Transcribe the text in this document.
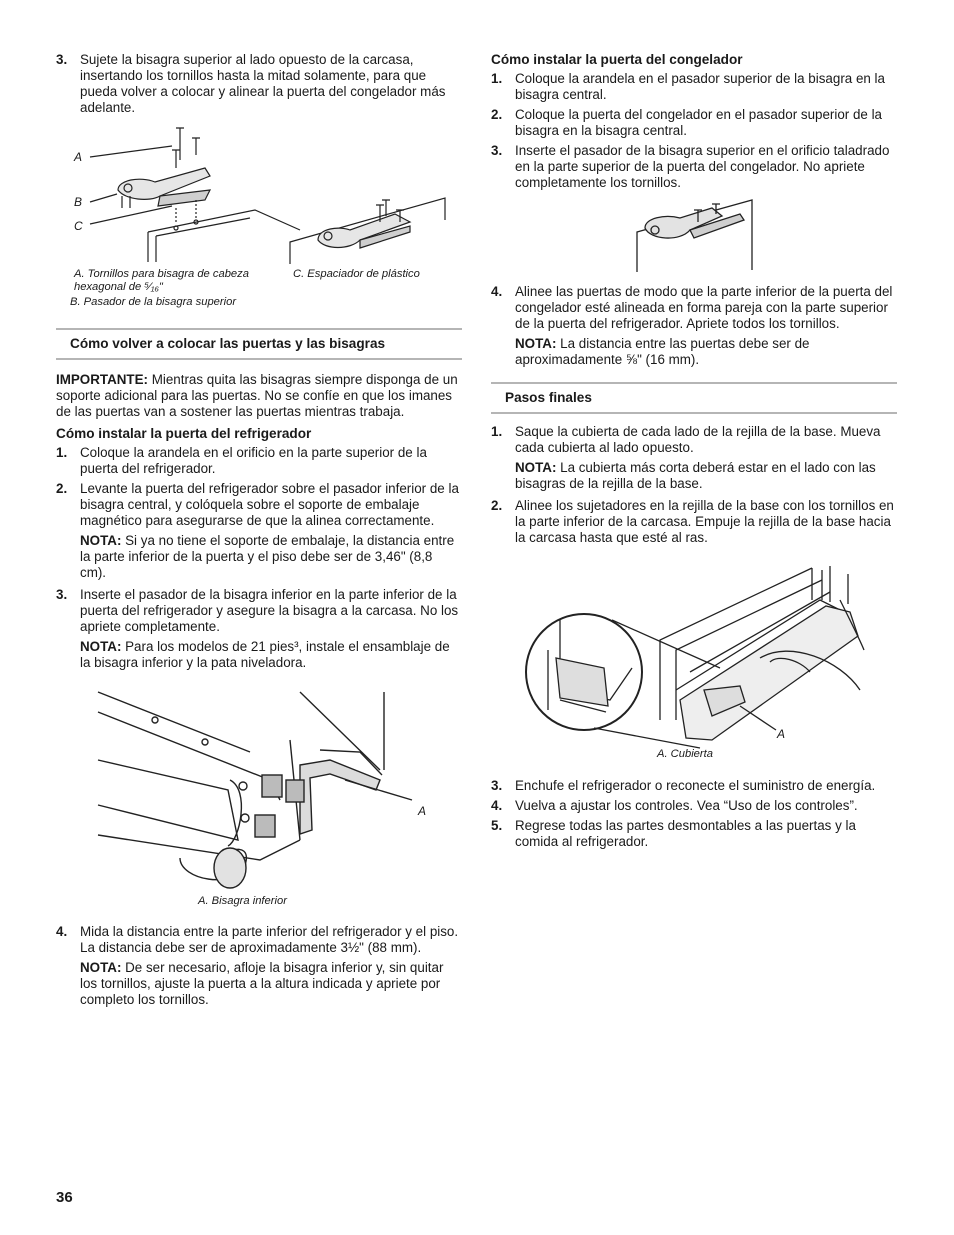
3. Sujete la bisagra superior al lado opuesto de la carcasa, insertando los tornillos hasta la mitad solamente, para que pueda volver a colocar y alinear la puerta del congelador más adelante.
A
B
C
A. Tornillos para bisagra de cabeza hexagonal de ⁵⁄₁₆"
B. Pasador de la bisagra superior
C. Espaciador de plástico
Cómo volver a colocar las puertas y las bisagras
IMPORTANTE: Mientras quita las bisagras siempre disponga de un soporte adicional para las puertas. No se confíe en que los imanes de las puertas van a sostener las puertas mientras trabaja.
Cómo instalar la puerta del refrigerador
1. Coloque la arandela en el orificio en la parte superior de la puerta del refrigerador.
2. Levante la puerta del refrigerador sobre el pasador inferior de la bisagra central, y colóquela sobre el soporte de embalaje magnético para asegurarse de que la alinea correctamente.
NOTA: Si ya no tiene el soporte de embalaje, la distancia entre la parte inferior de la puerta y el piso debe ser de 3,46" (8,8 cm).
3. Inserte el pasador de la bisagra inferior en la parte inferior de la puerta del refrigerador y asegure la bisagra a la carcasa. No los apriete completamente.
NOTA: Para los modelos de 21 pies³, instale el ensamblaje de la bisagra inferior y la pata niveladora.
A
A. Bisagra inferior
4. Mida la distancia entre la parte inferior del refrigerador y el piso. La distancia debe ser de aproximadamente 3½" (88 mm).
NOTA: De ser necesario, afloje la bisagra inferior y, sin quitar los tornillos, ajuste la puerta a la altura indicada y apriete por completo los tornillos.
Cómo instalar la puerta del congelador
1. Coloque la arandela en el pasador superior de la bisagra en la bisagra central.
2. Coloque la puerta del congelador en el pasador superior de la bisagra en la bisagra central.
3. Inserte el pasador de la bisagra superior en el orificio taladrado en la parte superior de la puerta del congelador. No apriete completamente los tornillos.
4. Alinee las puertas de modo que la parte inferior de la puerta del congelador esté alineada en forma pareja con la parte superior de la puerta del refrigerador. Apriete todos los tornillos.
NOTA: La distancia entre las puertas debe ser de aproximadamente ⅝" (16 mm).
Pasos finales
1. Saque la cubierta de cada lado de la rejilla de la base. Mueva cada cubierta al lado opuesto.
NOTA: La cubierta más corta deberá estar en el lado con las bisagras de la rejilla de la base.
2. Alinee los sujetadores en la rejilla de la base con los tornillos en la parte inferior de la carcasa. Empuje la rejilla de la base hacia la carcasa hasta que esté al ras.
A
A. Cubierta
3. Enchufe el refrigerador o reconecte el suministro de energía.
4. Vuelva a ajustar los controles. Vea “Uso de los controles”.
5. Regrese todas las partes desmontables a las puertas y la comida al refrigerador.
36
